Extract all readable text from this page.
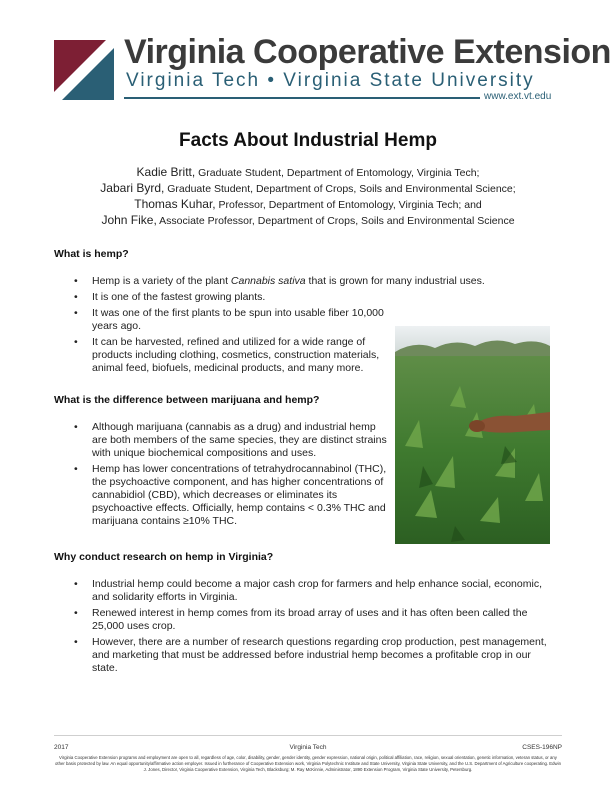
Virginia Cooperative Extension
Virginia Tech • Virginia State University
www.ext.vt.edu
Facts About Industrial Hemp
Kadie Britt, Graduate Student, Department of Entomology, Virginia Tech;
Jabari Byrd, Graduate Student, Department of Crops, Soils and Environmental Science;
Thomas Kuhar, Professor, Department of Entomology, Virginia Tech; and
John Fike, Associate Professor, Department of Crops, Soils and Environmental Science
What is hemp?
• Hemp is a variety of the plant Cannabis sativa that is grown for many industrial uses.
• It is one of the fastest growing plants.
• It was one of the first plants to be spun into usable fiber 10,000 years ago.
• It can be harvested, refined and utilized for a wide range of products including clothing, cosmetics, construction materials, animal feed, biofuels, medicinal products, and many more.
What is the difference between marijuana and hemp?
• Although marijuana (cannabis as a drug) and industrial hemp are both members of the same species, they are distinct strains with unique biochemical compositions and uses.
• Hemp has lower concentrations of tetrahydrocannabinol (THC), the psychoactive component, and has higher concentrations of cannabidiol (CBD), which decreases or eliminates its psychoactive effects. Officially, hemp contains < 0.3% THC and marijuana contains ≥10% THC.
Why conduct research on hemp in Virginia?
• Industrial hemp could become a major cash crop for farmers and help enhance social, economic, and solidarity efforts in Virginia.
• Renewed interest in hemp comes from its broad array of uses and it has often been called the 25,000 uses crop.
• However, there are a number of research questions regarding crop production, pest management, and marketing that must be addressed before industrial hemp becomes a profitable crop in our state.
2017	Virginia Tech	CSES-196NP
Virginia Cooperative Extension programs and employment are open to all, regardless of age, color, disability, gender, gender identity, gender expression, national origin, political affiliation, race, religion, sexual orientation, genetic information, veteran status, or any other basis protected by law. An equal opportunity/affirmative action employer. Issued in furtherance of Cooperative Extension work, Virginia Polytechnic Institute and State University, Virginia State University, and the U.S. Department of Agriculture cooperating. Edwin J. Jones, Director, Virginia Cooperative Extension, Virginia Tech, Blacksburg; M. Ray McKinnie, Administrator, 1890 Extension Program, Virginia State University, Petersburg.
